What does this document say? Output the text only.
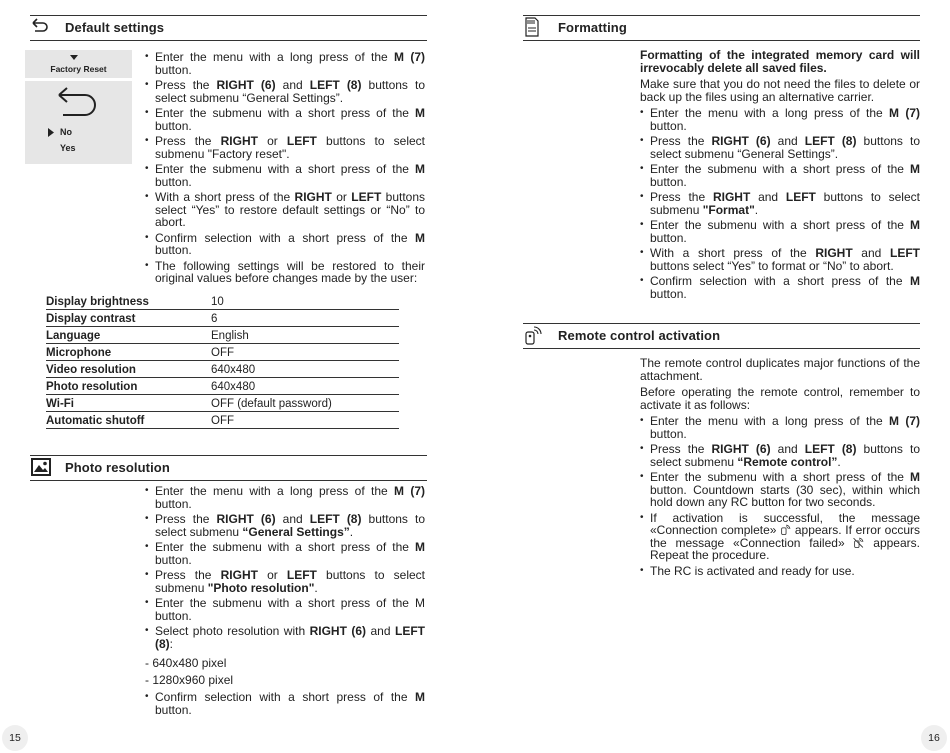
Default settings
Factory Reset
No
Yes
• Enter the menu with a long press of the M (7) button.
• Press the RIGHT (6) and LEFT (8) buttons to select submenu “General Settings”.
• Enter the submenu with a short press of the M button.
• Press the RIGHT or LEFT buttons to select submenu "Factory reset".
• Enter the submenu with a short press of the M button.
• With a short press of the RIGHT or LEFT buttons select “Yes” to restore default settings or “No” to abort.
• Confirm selection with a short press of the M button.
• The following settings will be restored to their original values before changes made by the user:
Display brightness	10
Display contrast	6
Language	English
Microphone	OFF
Video resolution	640x480
Photo resolution	640x480
Wi-Fi	OFF (default password)
Automatic shutoff	OFF
Photo resolution
• Enter the menu with a long press of the M (7) button.
• Press the RIGHT (6) and LEFT (8) buttons to select submenu “General Settings”.
• Enter the submenu with a short press of the M button.
• Press the RIGHT or LEFT buttons to select submenu "Photo resolution".
• Enter the submenu with a short press of the M button.
• Select photo resolution with RIGHT (6) and LEFT (8):
- 640x480 pixel
- 1280x960 pixel
• Confirm selection with a short press of the M button.
15
Formatting
Formatting of the integrated memory card will irrevocably delete all saved files.
Make sure that you do not need the files to delete or back up the files using an alternative carrier.
• Enter the menu with a long press of the M (7) button.
• Press the RIGHT (6) and LEFT (8) buttons to select submenu “General Settings”.
• Enter the submenu with a short press of the M button.
• Press the RIGHT and LEFT buttons to select submenu "Format".
• Enter the submenu with a short press of the M button.
• With a short press of the RIGHT and LEFT buttons select “Yes” to format or “No” to abort.
• Confirm selection with a short press of the M button.
Remote control activation
The remote control duplicates major functions of the attachment.
Before operating the remote control, remember to activate it as follows:
• Enter the menu with a long press of the M (7) button.
• Press the RIGHT (6) and LEFT (8) buttons to select submenu “Remote control”.
• Enter the submenu with a short press of the M button. Countdown starts (30 sec), within which hold down any RC button for two seconds.
• If activation is successful, the message «Connection complete»  appears. If error occurs the message «Connection failed»  appears. Repeat the procedure.
• The RC is activated and ready for use.
16
